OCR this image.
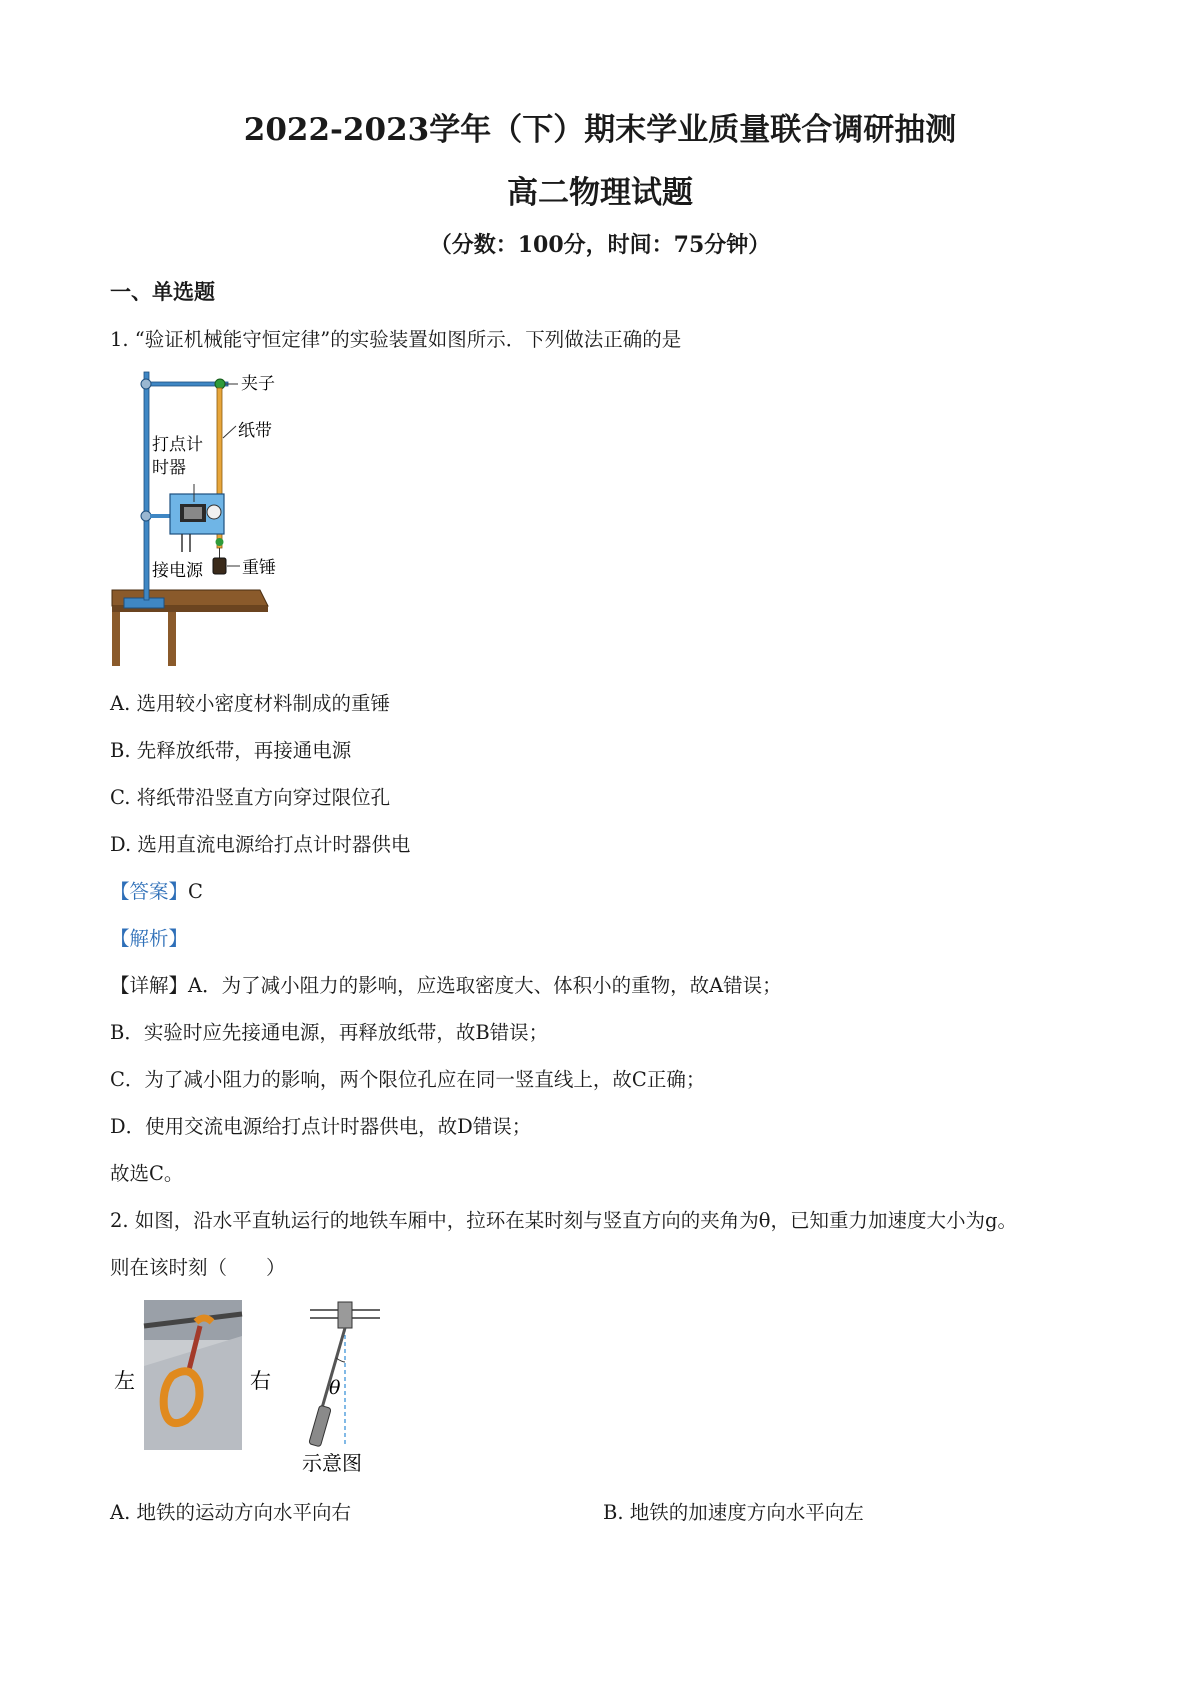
2022-2023学年（下）期末学业质量联合调研抽测
高二物理试题
（分数：100分，时间：75分钟）
一、单选题
1. “验证机械能守恒定律”的实验装置如图所示．下列做法正确的是
夹子
纸带
打点计
时器
重锤
接电源
A. 选用较小密度材料制成的重锤
B. 先释放纸带，再接通电源
C. 将纸带沿竖直方向穿过限位孔
D. 选用直流电源给打点计时器供电
【答案】C
【解析】
【详解】A．为了减小阻力的影响，应选取密度大、体积小的重物，故A错误；
B．实验时应先接通电源，再释放纸带，故B错误；
C．为了减小阻力的影响，两个限位孔应在同一竖直线上，故C正确；
D．使用交流电源给打点计时器供电，故D错误；
故选C。
2. 如图，沿水平直轨运行的地铁车厢中，拉环在某时刻与竖直方向的夹角为θ，已知重力加速度大小为g。
则在该时刻（　　）
左	右	θ
示意图
A. 地铁的运动方向水平向右	B. 地铁的加速度方向水平向左
